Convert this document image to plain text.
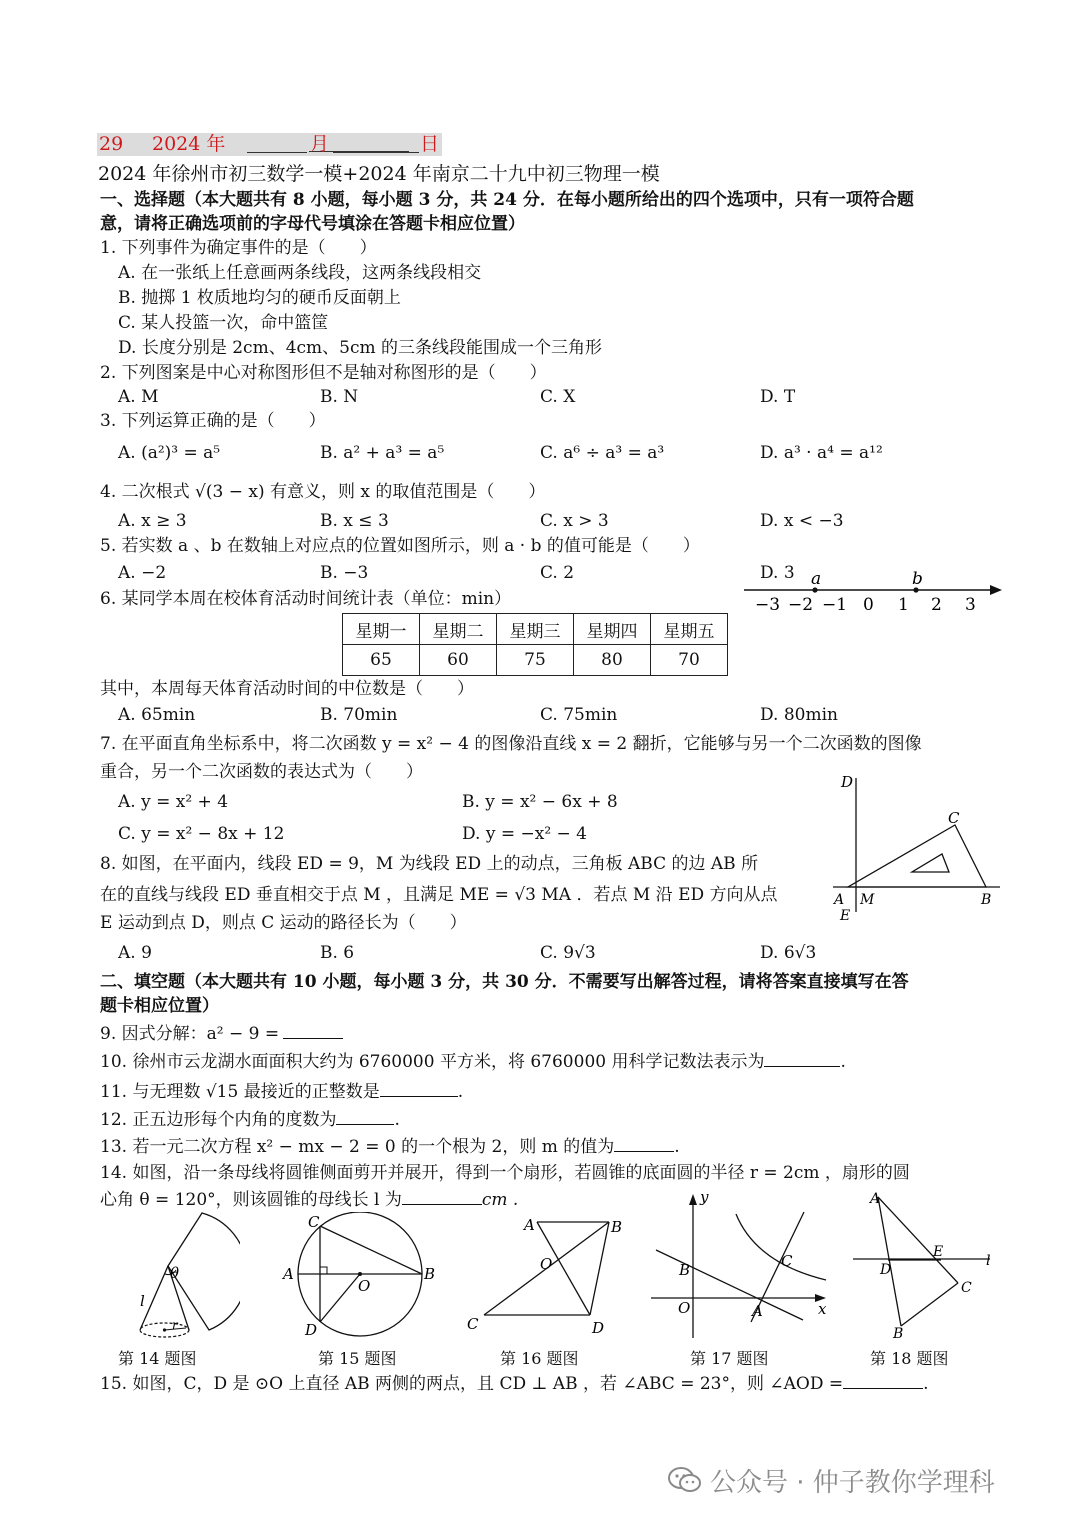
29 2024 年	月	日
2024 年徐州市初三数学一模+2024 年南京二十九中初三物理一模
一、选择题（本大题共有 8 小题，每小题 3 分，共 24 分．在每小题所给出的四个选项中，只有一项符合题
意，请将正确选项前的字母代号填涂在答题卡相应位置）
1. 下列事件为确定事件的是（　　）
A. 在一张纸上任意画两条线段，这两条线段相交
B. 抛掷 1 枚质地均匀的硬币反面朝上
C. 某人投篮一次，命中篮筐
D. 长度分别是 2cm、4cm、5cm 的三条线段能围成一个三角形
2. 下列图案是中心对称图形但不是轴对称图形的是（　　）
A. M	B. N	C. X	D. T
3. 下列运算正确的是（　　）
A. (a²)³ = a⁵	B. a² + a³ = a⁵	C. a⁶ ÷ a³ = a³	D. a³ · a⁴ = a¹²
4. 二次根式 √(3 − x) 有意义，则 x 的取值范围是（　　）
A. x ≥ 3	B. x ≤ 3	C. x > 3	D. x < −3
5. 若实数 a 、b 在数轴上对应点的位置如图所示，则 a · b 的值可能是（　　）
A. −2	B. −3	C. 2	D. 3 a	b
−3 −2 −1 0 1 2 3
6. 某同学本周在校体育活动时间统计表（单位：min）
星期一	星期二	星期三	星期四	星期五
65	60	75	80	70
其中，本周每天体育活动时间的中位数是（　　）
A. 65min	B. 70min	C. 75min	D. 80min
7. 在平面直角坐标系中，将二次函数 y = x² − 4 的图像沿直线 x = 2 翻折，它能够与另一个二次函数的图像
重合，另一个二次函数的表达式为（　　）
A. y = x² + 4	B. y = x² − 6x + 8
C. y = x² − 8x + 12	D. y = −x² − 4
D
C
A M
E
B
8. 如图，在平面内，线段 ED = 9，M 为线段 ED 上的动点，三角板 ABC 的边 AB 所
在的直线与线段 ED 垂直相交于点 M ，且满足 ME = √3 MA ．若点 M 沿 ED 方向从点
E 运动到点 D，则点 C 运动的路径长为（　　）
A. 9	B. 6	C. 9√3	D. 6√3
二、填空题（本大题共有 10 小题，每小题 3 分，共 30 分．不需要写出解答过程，请将答案直接填写在答
题卡相应位置）
9. 因式分解：a² − 9 =
10. 徐州市云龙湖水面面积大约为 6760000 平方米，将 6760000 用科学记数法表示为	.
11. 与无理数 √15 最接近的正整数是	.
12. 正五边形每个内角的度数为	.
13. 若一元二次方程 x² − mx − 2 = 0 的一个根为 2，则 m 的值为	.
14. 如图，沿一条母线将圆锥侧面剪开并展开，得到一个扇形，若圆锥的底面圆的半径 r = 2cm ，扇形的圆
心角 θ = 120°，则该圆锥的母线长 l 为	cm .
θ
l
r
C
A
O
B
D
A	B
O
C	D
y
x
B	C
O	A
A
E
l
D
C
B
第 14 题图	第 15 题图	第 16 题图	第 17 题图	第 18 题图
15. 如图，C，D 是 ⊙O 上直径 AB 两侧的两点，且 CD ⊥ AB ，若 ∠ABC = 23°，则 ∠AOD =	.
公众号 · 仲子教你学理科
